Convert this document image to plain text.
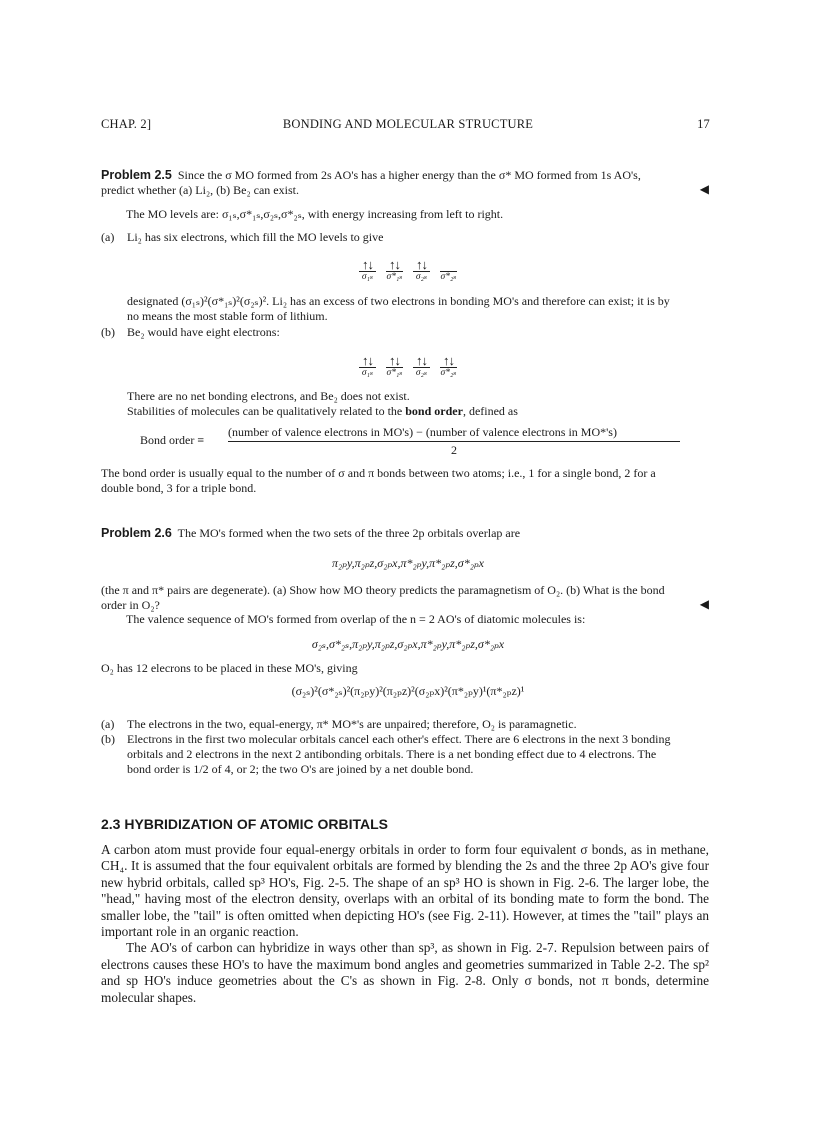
CHAP. 2]	BONDING AND MOLECULAR STRUCTURE	17
Problem 2.5 Since the σ MO formed from 2s AO's has a higher energy than the σ* MO formed from 1s AO's,
predict whether (a) Li₂, (b) Be₂ can exist.	◀
The MO levels are: σ₁ₛ,σ*₁ₛ,σ₂ₛ,σ*₂ₛ, with energy increasing from left to right.
(a) Li₂ has six electrons, which fill the MO levels to give
↑↓
σ₁ₛ
↑↓
σ*₁ₛ
↑↓
σ₂ₛ	σ*₂ₛ
designated (σ₁ₛ)²(σ*₁ₛ)²(σ₂ₛ)². Li₂ has an excess of two electrons in bonding MO's and therefore can exist; it is by
no means the most stable form of lithium.
(b) Be₂ would have eight electrons:
↑↓
σ₁ₛ
↑↓
σ*₁ₛ
↑↓
σ₂ₛ
↑↓
σ*₂ₛ
There are no net bonding electrons, and Be₂ does not exist.
Stabilities of molecules can be qualitatively related to the bond order, defined as
Bond order ≡
(number of valence electrons in MO's) − (number of valence electrons in MO*'s)
2
The bond order is usually equal to the number of σ and π bonds between two atoms; i.e., 1 for a single bond, 2 for a
double bond, 3 for a triple bond.
Problem 2.6 The MO's formed when the two sets of the three 2p orbitals overlap are
π₂ₚy,π₂ₚz,σ₂ₚx,π*₂ₚy,π*₂ₚz,σ*₂ₚx
(the π and π* pairs are degenerate). (a) Show how MO theory predicts the paramagnetism of O₂. (b) What is the bond
order in O₂?	◀
The valence sequence of MO's formed from overlap of the n = 2 AO's of diatomic molecules is:
σ₂ₛ,σ*₂ₛ,π₂ₚy,π₂ₚz,σ₂ₚx,π*₂ₚy,π*₂ₚz,σ*₂ₚx
O₂ has 12 elecrons to be placed in these MO's, giving
(σ₂ₛ)²(σ*₂ₛ)²(π₂ₚy)²(π₂ₚz)²(σ₂ₚx)²(π*₂ₚy)¹(π*₂ₚz)¹
(a) The electrons in the two, equal-energy, π* MO*'s are unpaired; therefore, O₂ is paramagnetic.
(b) Electrons in the first two molecular orbitals cancel each other's effect. There are 6 electrons in the next 3 bonding
orbitals and 2 electrons in the next 2 antibonding orbitals. There is a net bonding effect due to 4 electrons. The
bond order is 1/2 of 4, or 2; the two O's are joined by a net double bond.
2.3 HYBRIDIZATION OF ATOMIC ORBITALS

A carbon atom must provide four equal-energy orbitals in order to form four equivalent σ bonds, as in methane, CH₄. It is assumed that the four equivalent orbitals are formed by blending the 2s and the three 2p AO's give four new hybrid orbitals, called sp³ HO's, Fig. 2-5. The shape of an sp³ HO is shown in Fig. 2-6. The larger lobe, the "head," having most of the electron density, overlaps with an orbital of its bonding mate to form the bond. The smaller lobe, the "tail" is often omitted when depicting HO's (see Fig. 2-11). However, at times the "tail" plays an important role in an organic reaction.

The AO's of carbon can hybridize in ways other than sp³, as shown in Fig. 2-7. Repulsion between pairs of electrons causes these HO's to have the maximum bond angles and geometries summarized in Table 2-2. The sp² and sp HO's induce geometries about the C's as shown in Fig. 2-8. Only σ bonds, not π bonds, determine molecular shapes.
